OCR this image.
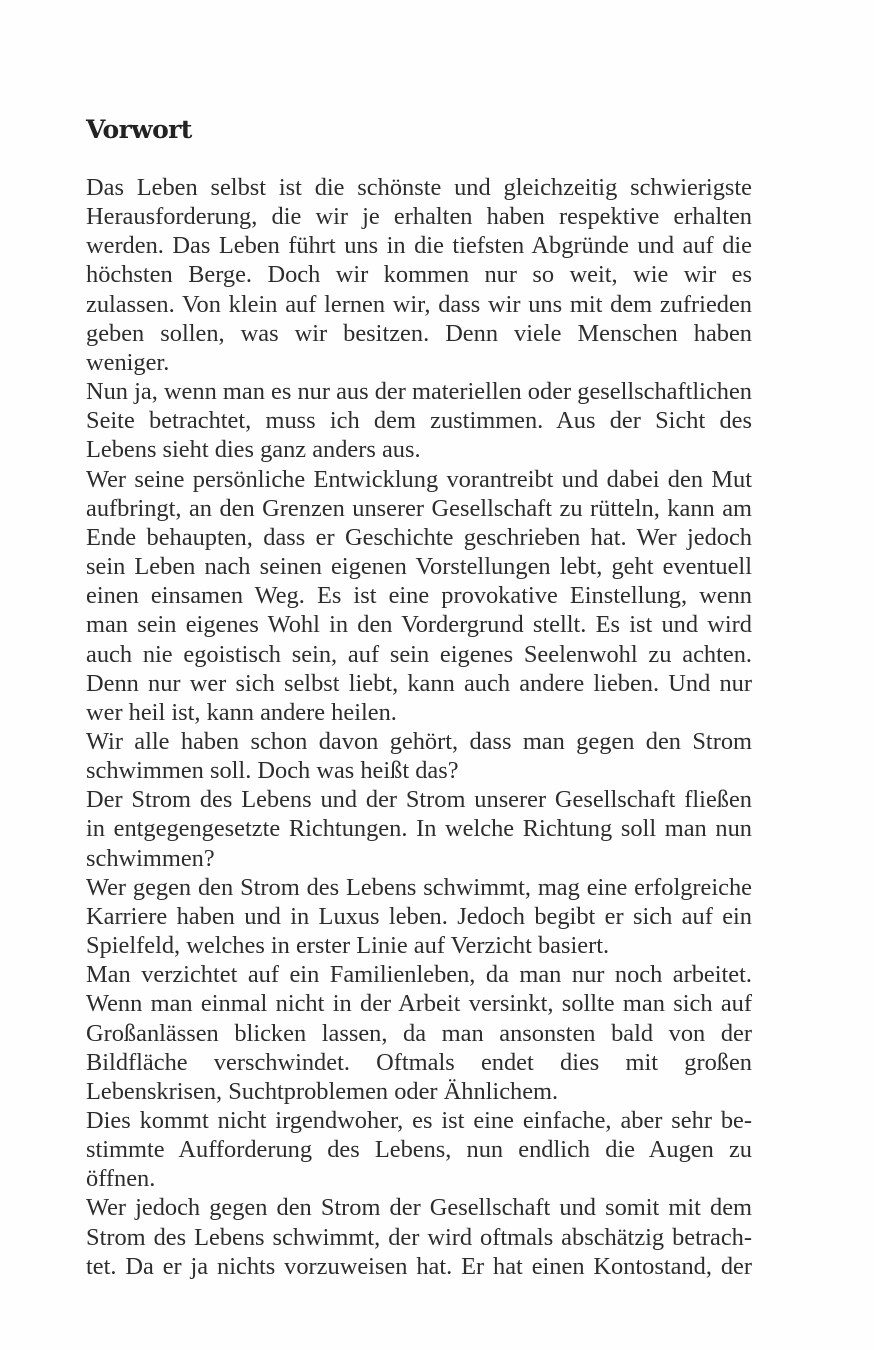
Vorwort

Das Leben selbst ist die schönste und gleichzeitig schwierigste Herausforderung, die wir je erhalten haben respektive erhalten werden. Das Leben führt uns in die tiefsten Abgründe und auf die höchsten Berge. Doch wir kommen nur so weit, wie wir es zulassen. Von klein auf lernen wir, dass wir uns mit dem zufrieden geben sollen, was wir besitzen. Denn viele Menschen haben weniger.

Nun ja, wenn man es nur aus der materiellen oder gesellschaftlichen Seite betrachtet, muss ich dem zustimmen. Aus der Sicht des Lebens sieht dies ganz anders aus.

Wer seine persönliche Entwicklung vorantreibt und dabei den Mut aufbringt, an den Grenzen unserer Gesellschaft zu rütteln, kann am Ende behaupten, dass er Geschichte geschrieben hat. Wer jedoch sein Leben nach seinen eigenen Vorstellungen lebt, geht eventuell einen einsamen Weg. Es ist eine provokative Einstellung, wenn man sein eigenes Wohl in den Vordergrund stellt. Es ist und wird auch nie egoistisch sein, auf sein eigenes Seelenwohl zu achten. Denn nur wer sich selbst liebt, kann auch andere lieben. Und nur wer heil ist, kann andere heilen.

Wir alle haben schon davon gehört, dass man gegen den Strom schwimmen soll. Doch was heißt das?

Der Strom des Lebens und der Strom unserer Gesellschaft fließen in entgegengesetzte Richtungen. In welche Richtung soll man nun schwimmen?

Wer gegen den Strom des Lebens schwimmt, mag eine erfolgreiche Karriere haben und in Luxus leben. Jedoch begibt er sich auf ein Spielfeld, welches in erster Linie auf Verzicht basiert.

Man verzichtet auf ein Familienleben, da man nur noch arbeitet. Wenn man einmal nicht in der Arbeit versinkt, sollte man sich auf Großanlässen blicken lassen, da man ansonsten bald von der Bildfläche verschwindet. Oftmals endet dies mit großen Lebenskrisen, Suchtproblemen oder Ähnlichem.

Dies kommt nicht irgendwoher, es ist eine einfache, aber sehr bestimmte Aufforderung des Lebens, nun endlich die Augen zu öffnen.

Wer jedoch gegen den Strom der Gesellschaft und somit mit dem Strom des Lebens schwimmt, der wird oftmals abschätzig betrachtet. Da er ja nichts vorzuweisen hat. Er hat einen Kontostand, der
